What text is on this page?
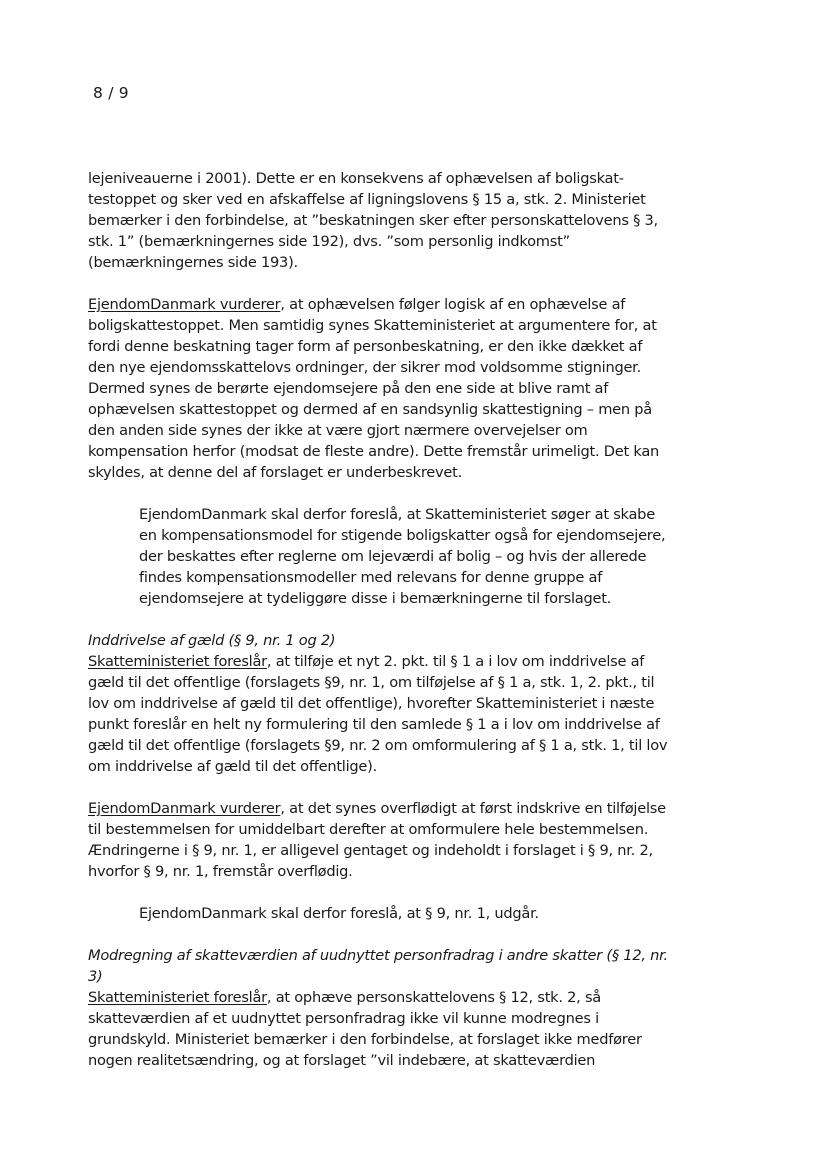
8 / 9

lejeniveauerne i 2001). Dette er en konsekvens af ophævelsen af boligskattestoppet og sker ved en afskaffelse af ligningslovens § 15 a, stk. 2. Ministeriet bemærker i den forbindelse, at ”beskatningen sker efter personskattelovens § 3, stk. 1” (bemærkningernes side 192), dvs. ”som personlig indkomst” (bemærkningernes side 193).

EjendomDanmark vurderer, at ophævelsen følger logisk af en ophævelse af boligskattestoppet. Men samtidig synes Skatteministeriet at argumentere for, at fordi denne beskatning tager form af personbeskatning, er den ikke dækket af den nye ejendomsskattelovs ordninger, der sikrer mod voldsomme stigninger. Dermed synes de berørte ejendomsejere på den ene side at blive ramt af ophævelsen skattestoppet og dermed af en sandsynlig skattestigning – men på den anden side synes der ikke at være gjort nærmere overvejelser om kompensation herfor (modsat de fleste andre). Dette fremstår urimeligt. Det kan skyldes, at denne del af forslaget er underbeskrevet.

EjendomDanmark skal derfor foreslå, at Skatteministeriet søger at skabe en kompensationsmodel for stigende boligskatter også for ejendomsejere, der beskattes efter reglerne om lejeværdi af bolig – og hvis der allerede findes kompensationsmodeller med relevans for denne gruppe af ejendomsejere at tydeliggøre disse i bemærkningerne til forslaget.

Inddrivelse af gæld (§ 9, nr. 1 og 2)

Skatteministeriet foreslår, at tilføje et nyt 2. pkt. til § 1 a i lov om inddrivelse af gæld til det offentlige (forslagets §9, nr. 1, om tilføjelse af § 1 a, stk. 1, 2. pkt., til lov om inddrivelse af gæld til det offentlige), hvorefter Skatteministeriet i næste punkt foreslår en helt ny formulering til den samlede § 1 a i lov om inddrivelse af gæld til det offentlige (forslagets §9, nr. 2 om omformulering af § 1 a, stk. 1, til lov om inddrivelse af gæld til det offentlige).

EjendomDanmark vurderer, at det synes overflødigt at først indskrive en tilføjelse til bestemmelsen for umiddelbart derefter at omformulere hele bestemmelsen. Ændringerne i § 9, nr. 1, er alligevel gentaget og indeholdt i forslaget i § 9, nr. 2, hvorfor § 9, nr. 1, fremstår overflødig.

EjendomDanmark skal derfor foreslå, at § 9, nr. 1, udgår.

Modregning af skatteværdien af uudnyttet personfradrag i andre skatter (§ 12, nr. 3)

Skatteministeriet foreslår, at ophæve personskattelovens § 12, stk. 2, så skatteværdien af et uudnyttet personfradrag ikke vil kunne modregnes i grundskyld. Ministeriet bemærker i den forbindelse, at forslaget ikke medfører nogen realitetsændring, og at forslaget ”vil indebære, at skatteværdien
